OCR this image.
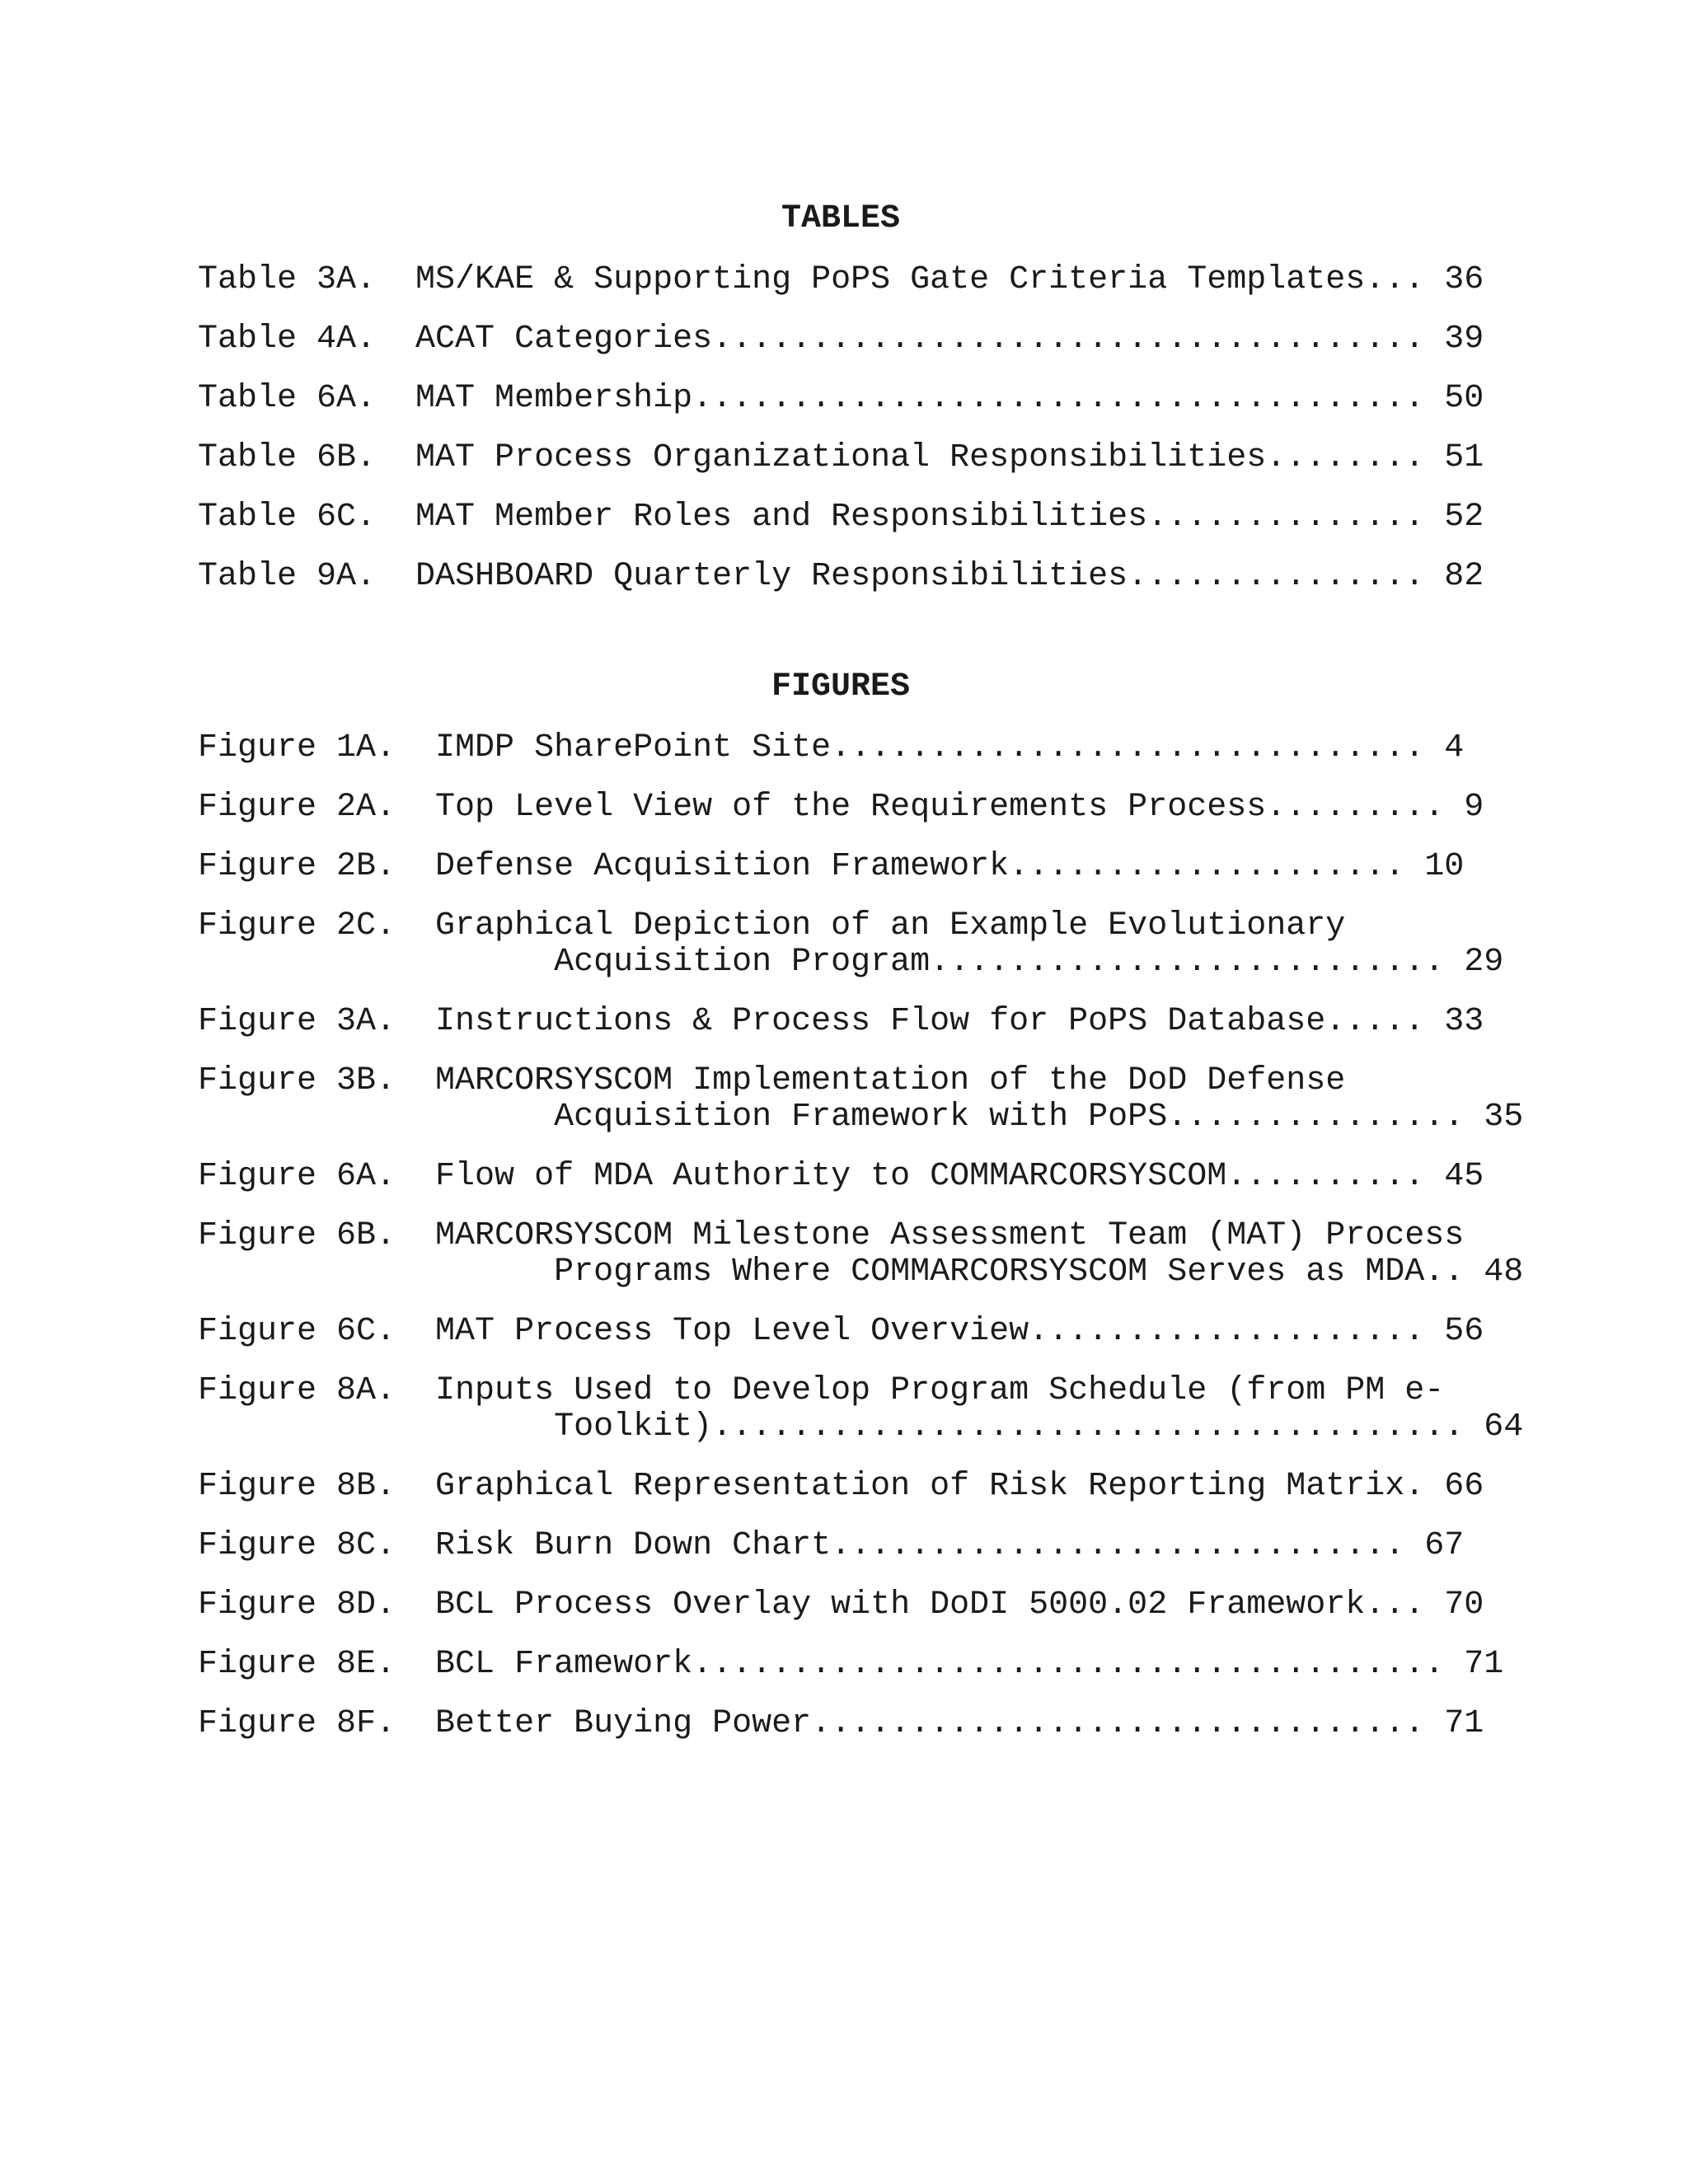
TABLES
Table 3A.  MS/KAE & Supporting PoPS Gate Criteria Templates... 36
Table 4A.  ACAT Categories.................................... 39
Table 6A.  MAT Membership..................................... 50
Table 6B.  MAT Process Organizational Responsibilities........ 51
Table 6C.  MAT Member Roles and Responsibilities.............. 52
Table 9A.  DASHBOARD Quarterly Responsibilities............... 82
FIGURES
Figure 1A.  IMDP SharePoint Site.............................. 4
Figure 2A.  Top Level View of the Requirements Process......... 9
Figure 2B.  Defense Acquisition Framework.................... 10
Figure 2C.  Graphical Depiction of an Example Evolutionary
Acquisition Program.......................... 29
Figure 3A.  Instructions & Process Flow for PoPS Database..... 33
Figure 3B.  MARCORSYSCOM Implementation of the DoD Defense
Acquisition Framework with PoPS............... 35
Figure 6A.  Flow of MDA Authority to COMMARCORSYSCOM.......... 45
Figure 6B.  MARCORSYSCOM Milestone Assessment Team (MAT) Process
Programs Where COMMARCORSYSCOM Serves as MDA.. 48
Figure 6C.  MAT Process Top Level Overview.................... 56
Figure 8A.  Inputs Used to Develop Program Schedule (from PM e-
Toolkit)...................................... 64
Figure 8B.  Graphical Representation of Risk Reporting Matrix. 66
Figure 8C.  Risk Burn Down Chart............................. 67
Figure 8D.  BCL Process Overlay with DoDI 5000.02 Framework... 70
Figure 8E.  BCL Framework...................................... 71
Figure 8F.  Better Buying Power............................... 71
